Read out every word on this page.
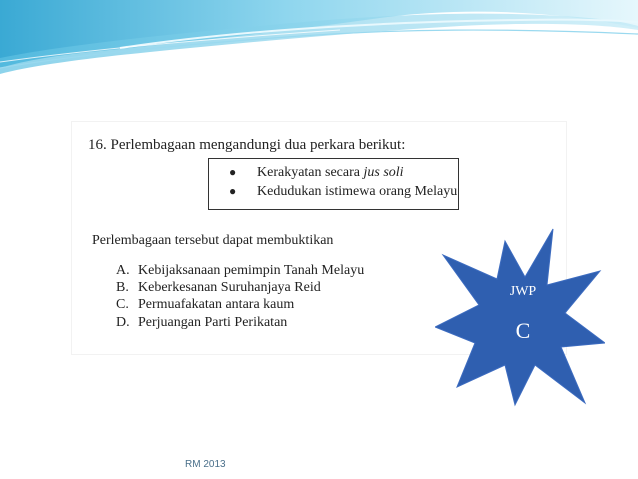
16. Perlembagaan mengandungi dua perkara berikut:
● Kerakyatan secara jus soli
● Kedudukan istimewa orang Melayu
Perlembagaan tersebut dapat membuktikan
A. Kebijaksanaan pemimpin Tanah Melayu
B. Keberkesanan Suruhanjaya Reid
C. Permuafakatan antara kaum
D. Perjuangan Parti Perikatan
JWP
C
RM 2013
